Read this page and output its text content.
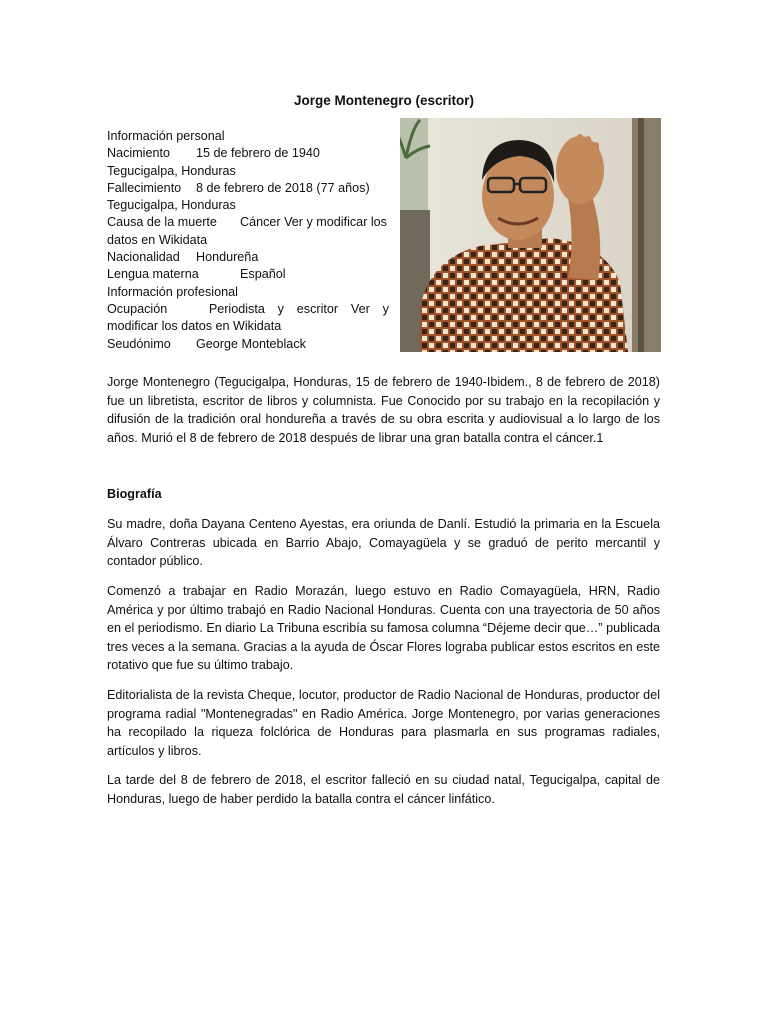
Jorge Montenegro (escritor)
Información personal
Nacimiento 15 de febrero de 1940
Tegucigalpa, Honduras
Fallecimiento 8 de febrero de 2018 (77 años)
Tegucigalpa, Honduras
Causa de la muerte Cáncer Ver y modificar los
datos en Wikidata
Nacionalidad Hondureña
Lengua materna	Español
Información profesional
Ocupación	Periodista y escritor Ver y
modificar los datos en Wikidata
Seudónimo George Monteblack

Jorge Montenegro (Tegucigalpa, Honduras, 15 de febrero de 1940-Ibidem., 8 de febrero de 2018) fue un libretista, escritor de libros y columnista. Fue Conocido por su trabajo en la recopilación y difusión de la tradición oral hondureña a través de su obra escrita y audiovisual a lo largo de los años. Murió el 8 de febrero de 2018 después de librar una gran batalla contra el cáncer.1

Biografía

Su madre, doña Dayana Centeno Ayestas, era oriunda de Danlí. Estudió la primaria en la Escuela Álvaro Contreras ubicada en Barrio Abajo, Comayagüela y se graduó de perito mercantil y contador público.

Comenzó a trabajar en Radio Morazán, luego estuvo en Radio Comayagüela, HRN, Radio América y por último trabajó en Radio Nacional Honduras. Cuenta con una trayectoria de 50 años en el periodismo. En diario La Tribuna escribía su famosa columna “Déjeme decir que…” publicada tres veces a la semana. Gracias a la ayuda de Óscar Flores lograba publicar estos escritos en este rotativo que fue su último trabajo.

Editorialista de la revista Cheque, locutor, productor de Radio Nacional de Honduras, productor del programa radial "Montenegradas" en Radio América. Jorge Montenegro, por varias generaciones ha recopilado la riqueza folclórica de Honduras para plasmarla en sus programas radiales, artículos y libros.

La tarde del 8 de febrero de 2018, el escritor falleció en su ciudad natal, Tegucigalpa, capital de Honduras, luego de haber perdido la batalla contra el cáncer linfático.
